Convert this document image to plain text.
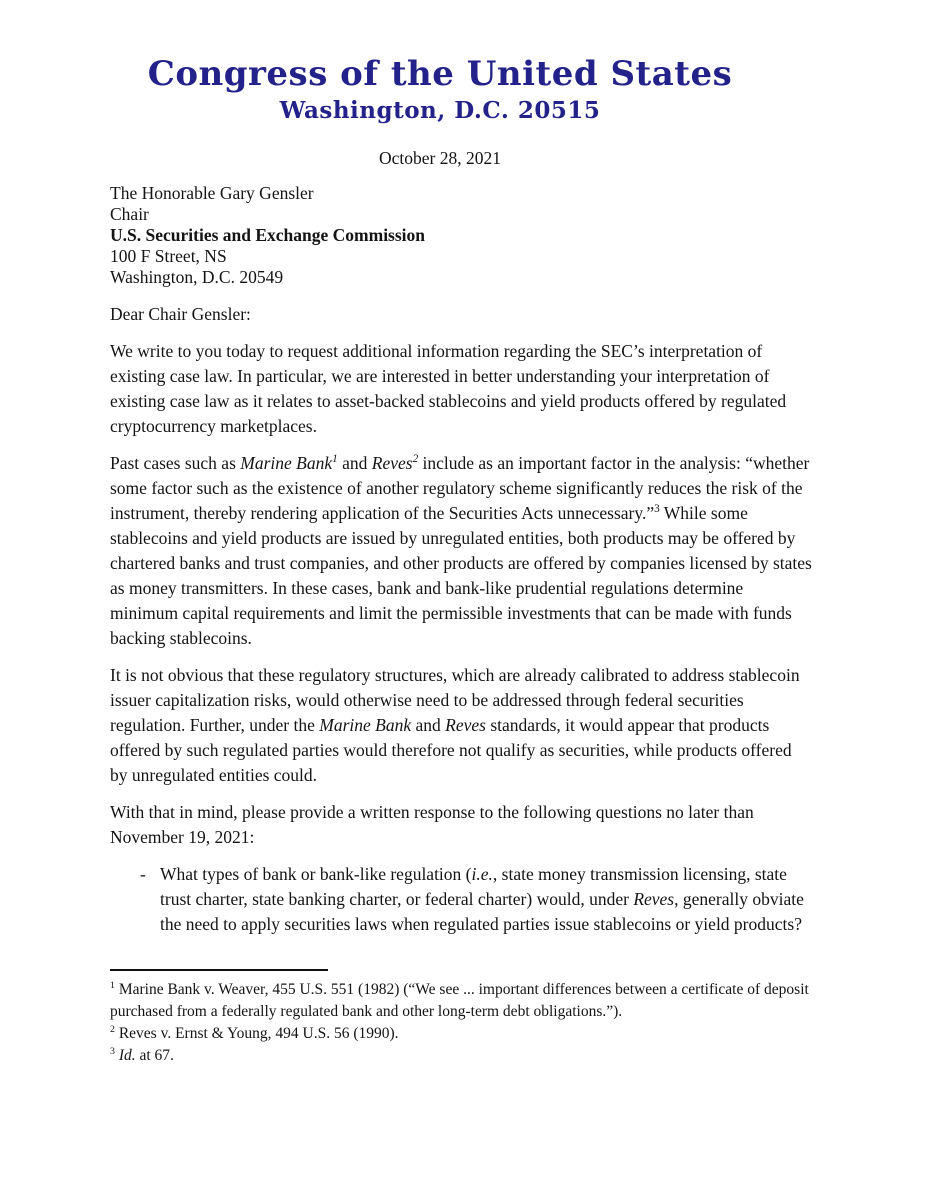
Congress of the United States
Washington, D.C. 20515
October 28, 2021
The Honorable Gary Gensler
Chair
U.S. Securities and Exchange Commission
100 F Street, NS
Washington, D.C. 20549
Dear Chair Gensler:

We write to you today to request additional information regarding the SEC’s interpretation of existing case law. In particular, we are interested in better understanding your interpretation of existing case law as it relates to asset-backed stablecoins and yield products offered by regulated cryptocurrency marketplaces.

Past cases such as Marine Bank$^1$ and Reves$^2$ include as an important factor in the analysis: “whether some factor such as the existence of another regulatory scheme significantly reduces the risk of the instrument, thereby rendering application of the Securities Acts unnecessary.”$^3$ While some stablecoins and yield products are issued by unregulated entities, both products may be offered by chartered banks and trust companies, and other products are offered by companies licensed by states as money transmitters. In these cases, bank and bank-like prudential regulations determine minimum capital requirements and limit the permissible investments that can be made with funds backing stablecoins.

It is not obvious that these regulatory structures, which are already calibrated to address stablecoin issuer capitalization risks, would otherwise need to be addressed through federal securities regulation. Further, under the Marine Bank and Reves standards, it would appear that products offered by such regulated parties would therefore not qualify as securities, while products offered by unregulated entities could.

With that in mind, please provide a written response to the following questions no later than November 19, 2021:

- What types of bank or bank-like regulation (i.e., state money transmission licensing, state trust charter, state banking charter, or federal charter) would, under Reves, generally obviate the need to apply securities laws when regulated parties issue stablecoins or yield products?
$^1$ Marine Bank v. Weaver, 455 U.S. 551 (1982) (“We see ... important differences between a certificate of deposit purchased from a federally regulated bank and other long-term debt obligations.”).
$^2$ Reves v. Ernst & Young, 494 U.S. 56 (1990).
$^3$ Id. at 67.
